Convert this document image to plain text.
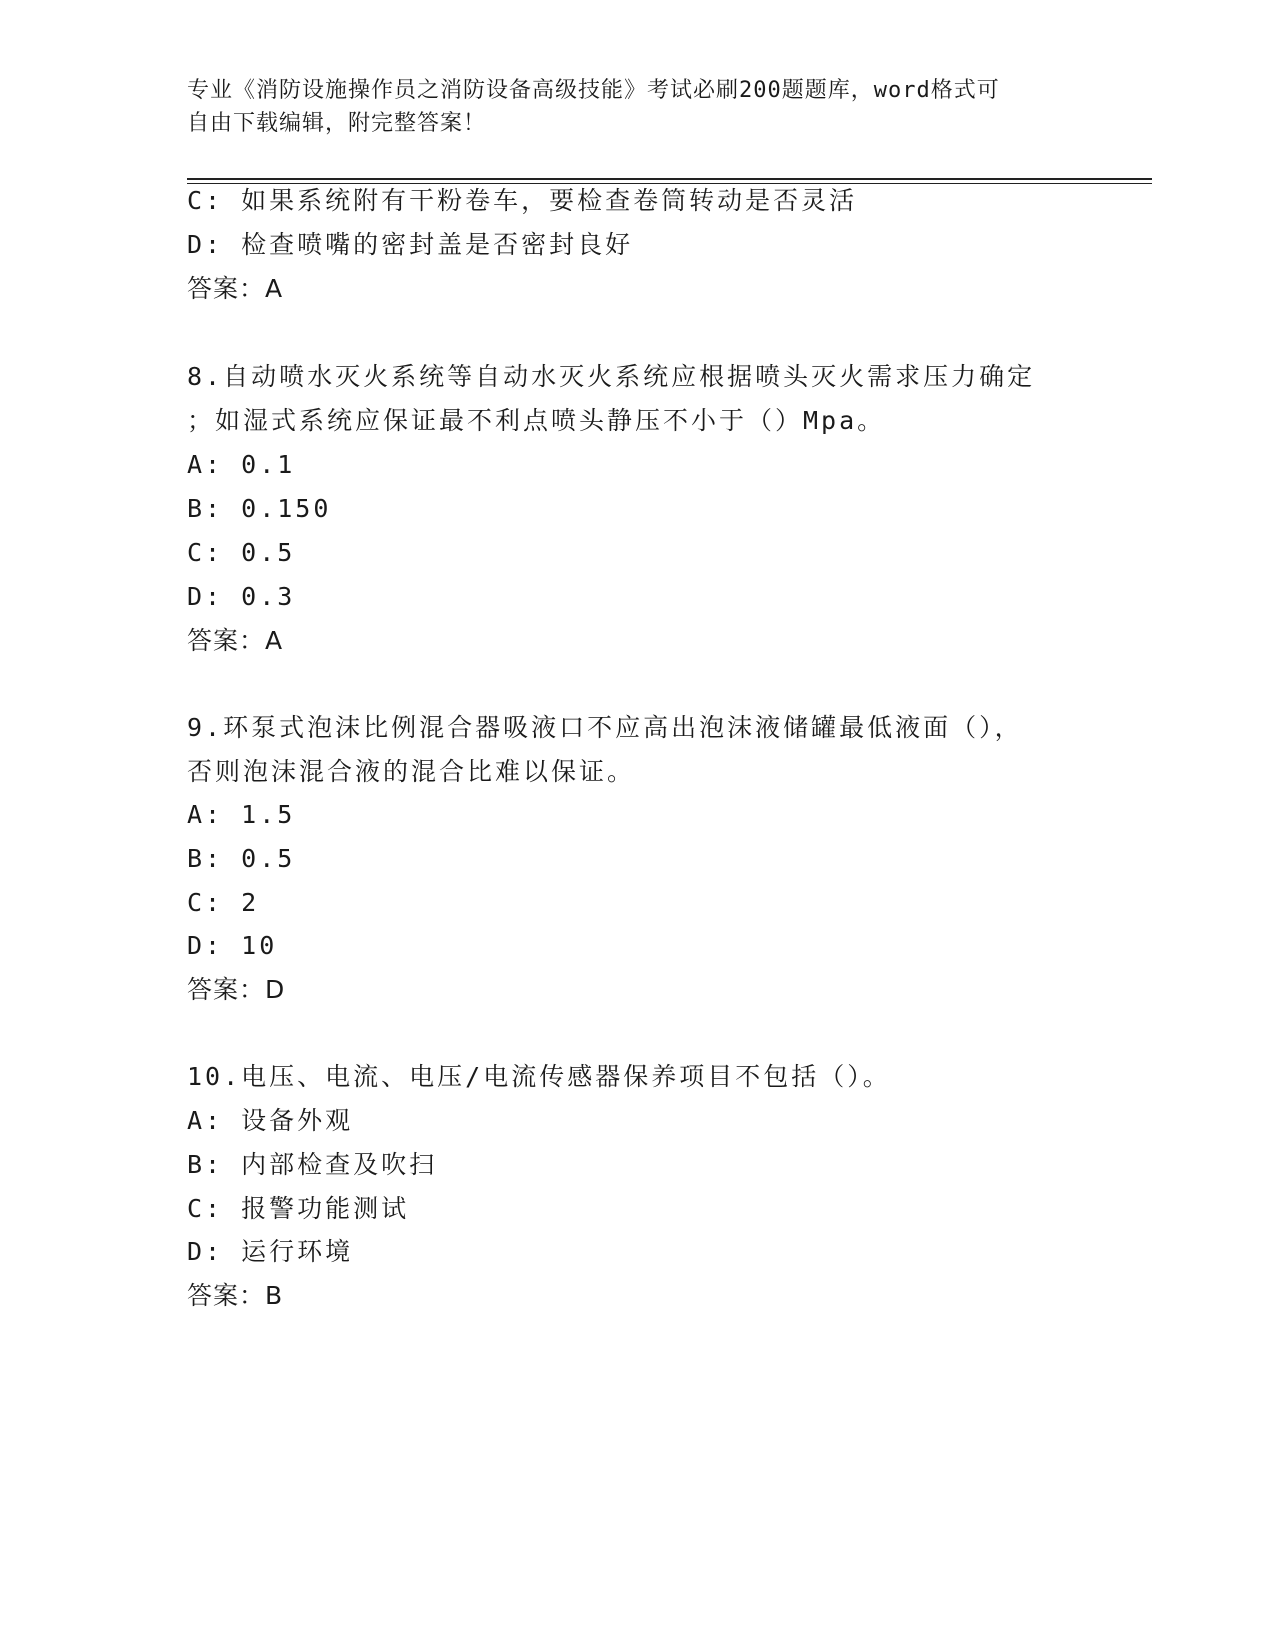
专业《消防设施操作员之消防设备高级技能》考试必刷200题题库，word格式可
自由下载编辑，附完整答案！
C: 如果系统附有干粉卷车，要检查卷筒转动是否灵活
D: 检查喷嘴的密封盖是否密封良好
答案：A
8.自动喷水灭火系统等自动水灭火系统应根据喷头灭火需求压力确定
；如湿式系统应保证最不利点喷头静压不小于（）Mpa。
A: 0.1
B: 0.150
C: 0.5
D: 0.3
答案：A
9.环泵式泡沫比例混合器吸液口不应高出泡沫液储罐最低液面（），
否则泡沫混合液的混合比难以保证。
A: 1.5
B: 0.5
C: 2
D: 10
答案：D
10.电压、电流、电压/电流传感器保养项目不包括（）。
A: 设备外观
B: 内部检查及吹扫
C: 报警功能测试
D: 运行环境
答案：B
